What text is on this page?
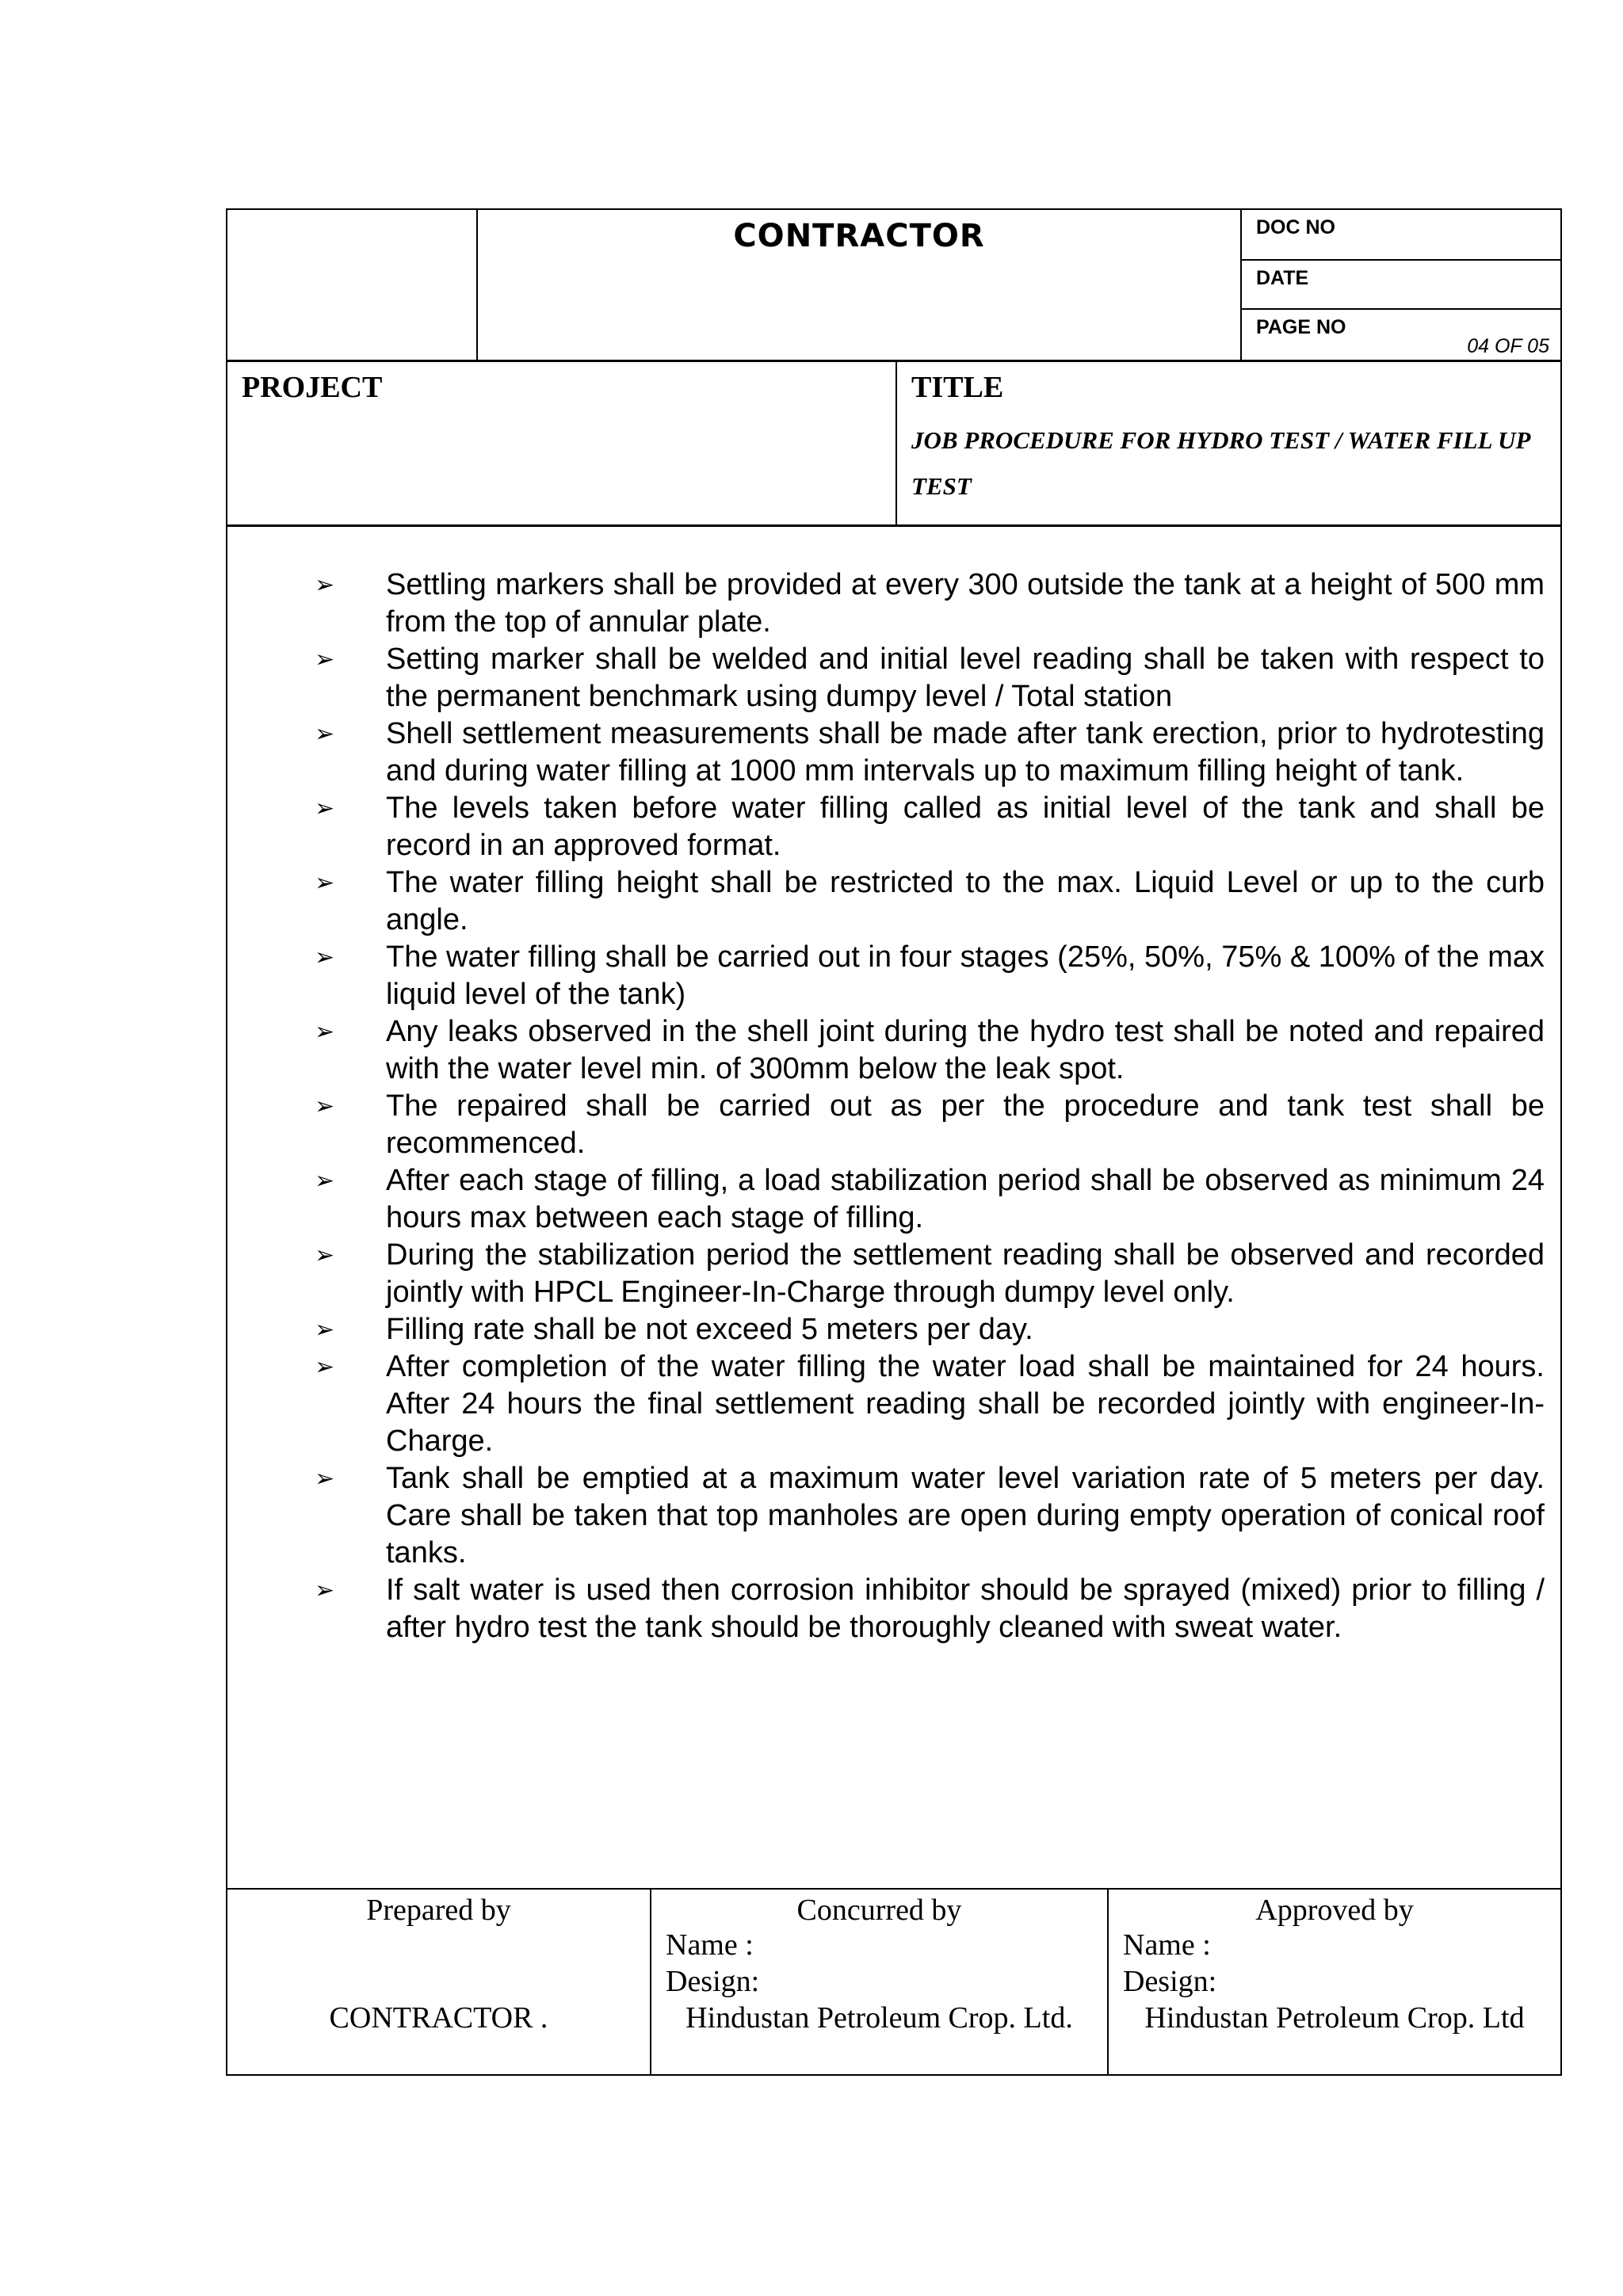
CONTRACTOR	DOC NO
DATE
PAGE NO
04 OF 05
PROJECT	TITLE
JOB PROCEDURE FOR HYDRO TEST / WATER FILL UP TEST
➢ Settling markers shall be provided at every 300 outside the tank at a height of 500 mm from the top of annular plate.
➢ Setting marker shall be welded and initial level reading shall be taken with respect to the permanent benchmark using dumpy level / Total station
➢ Shell settlement measurements shall be made after tank erection, prior to hydrotesting and during water filling at 1000 mm intervals up to maximum filling height of tank.
➢ The levels taken before water filling called as initial level of the tank and shall be record in an approved format.
➢ The water filling height shall be restricted to the max. Liquid Level or up to the curb angle.
➢ The water filling shall be carried out in four stages (25%, 50%, 75% & 100% of the max liquid level of the tank)
➢ Any leaks observed in the shell joint during the hydro test shall be noted and repaired with the water level min. of 300mm below the leak spot.
➢ The repaired shall be carried out as per the procedure and tank test shall be recommenced.
➢ After each stage of filling, a load stabilization period shall be observed as minimum 24 hours max between each stage of filling.
➢ During the stabilization period the settlement reading shall be observed and recorded jointly with HPCL Engineer-In-Charge through dumpy level only.
➢ Filling rate shall be not exceed 5 meters per day.
➢ After completion of the water filling the water load shall be maintained for 24 hours. After 24 hours the final settlement reading shall be recorded jointly with engineer-In-Charge.
➢ Tank shall be emptied at a maximum water level variation rate of 5 meters per day. Care shall be taken that top manholes are open during empty operation of conical roof tanks.
➢ If salt water is used then corrosion inhibitor should be sprayed (mixed) prior to filling / after hydro test the tank should be thoroughly cleaned with sweat water.
Prepared by
CONTRACTOR .
Concurred by
Name :
Design:
Hindustan Petroleum Crop. Ltd.
Approved by
Name :
Design:
Hindustan Petroleum Crop. Ltd
